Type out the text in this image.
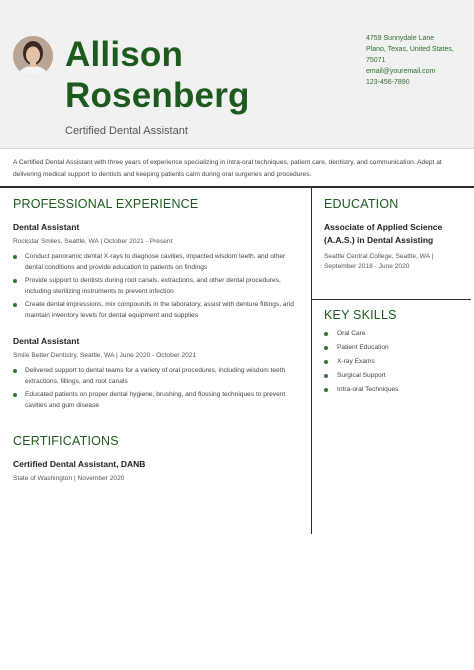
Allison
Rosenberg
Certified Dental Assistant
4759 Sunnydale Lane
Plano, Texas, United States,
75071
email@youremail.com
123-456-7890
A Certified Dental Assistant with three years of experience specializing in intra-oral techniques, patient care, dentistry, and communication. Adept at delivering medical support to dentists and keeping patients calm during oral surgeries and procedures.
PROFESSIONAL EXPERIENCE
Dental Assistant
Rockstar Smiles, Seattle, WA | October 2021 - Present
Conduct panoramic dental X-rays to diagnose cavities, impacted wisdom teeth, and other dental conditions and provide education to patients on findings
Provide support to dentists during root canals, extractions, and other dental procedures, including sterilizing instruments to prevent infection
Create dental impressions, mix compounds in the laboratory, assist with denture fittings, and maintain inventory levels for dental equipment and supplies
Dental Assistant
Smile Better Dentistry, Seattle, WA | June 2020 - October 2021
Delivered support to dental teams for a variety of oral procedures, including wisdom teeth extractions, fillings, and root canals
Educated patients on proper dental hygiene, brushing, and flossing techniques to prevent cavities and gum disease
CERTIFICATIONS
Certified Dental Assistant, DANB
State of Washington | November 2020
EDUCATION
Associate of Applied Science (A.A.S.) in Dental Assisting
Seattle Central College, Seattle, WA |
September 2018 - June 2020
KEY SKILLS
Oral Care
Patient Education
X-ray Exams
Surgical Support
Intra-oral Techniques
